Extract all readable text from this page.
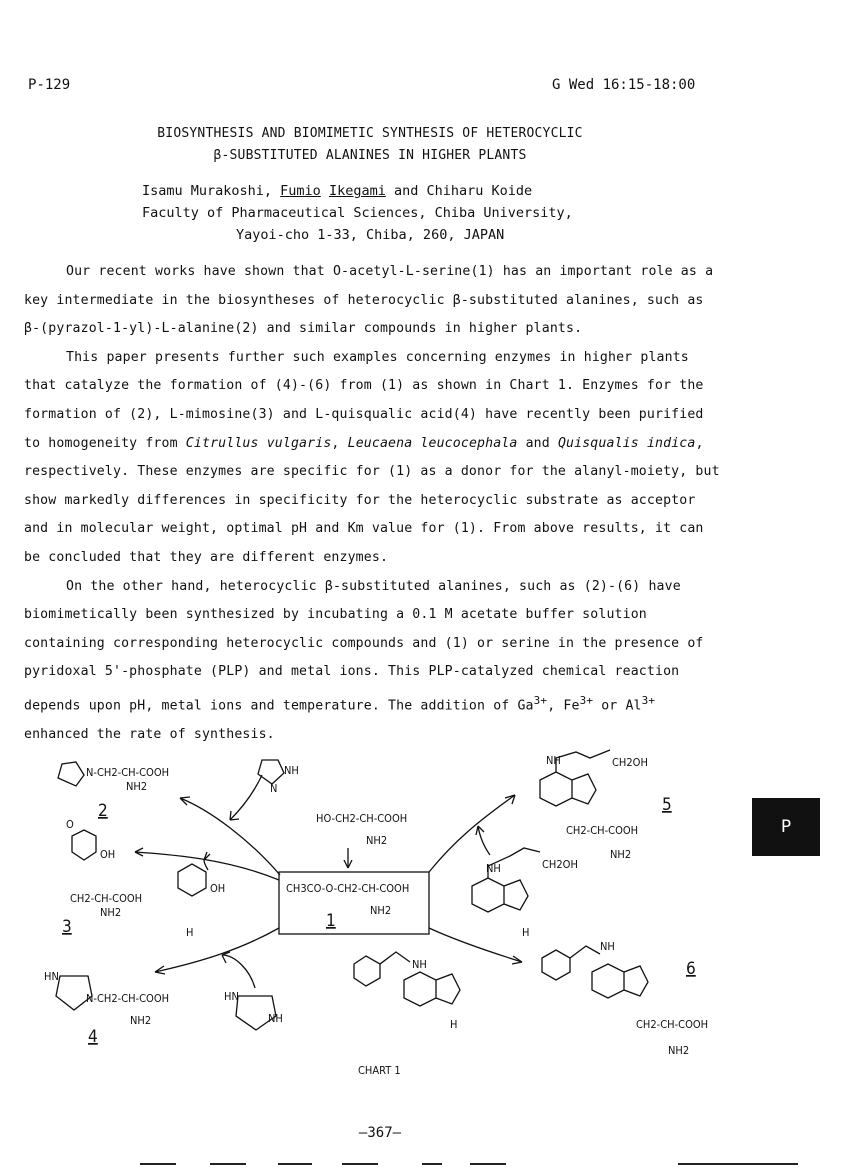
P-129	G Wed 16:15-18:00
BIOSYNTHESIS AND BIOMIMETIC SYNTHESIS OF HETEROCYCLIC
β-SUBSTITUTED ALANINES IN HIGHER PLANTS
Isamu Murakoshi, Fumio Ikegami and Chiharu Koide
Faculty of Pharmaceutical Sciences, Chiba University,
Yayoi-cho 1-33, Chiba, 260, JAPAN

Our recent works have shown that O-acetyl-L-serine(1) has an important role as a key intermediate in the biosyntheses of heterocyclic β-substituted alanines, such as β-(pyrazol-1-yl)-L-alanine(2) and similar compounds in higher plants.

This paper presents further such examples concerning enzymes in higher plants that catalyze the formation of (4)-(6) from (1) as shown in Chart 1. Enzymes for the formation of (2), L-mimosine(3) and L-quisqualic acid(4) have recently been purified to homogeneity from Citrullus vulgaris, Leucaena leucocephala and Quisqualis indica, respectively. These enzymes are specific for (1) as a donor for the alanyl-moiety, but show markedly differences in specificity for the heterocyclic substrate as acceptor and in molecular weight, optimal pH and Km value for (1). From above results, it can be concluded that they are different enzymes.

On the other hand, heterocyclic β-substituted alanines, such as (2)-(6) have biomimetically been synthesized by incubating a 0.1 M acetate buffer solution containing corresponding heterocyclic compounds and (1) or serine in the presence of pyridoxal 5'-phosphate (PLP) and metal ions. This PLP-catalyzed chemical reaction depends upon pH, metal ions and temperature. The addition of $Ga^{3+}$, $Fe^{3+}$ or $Al^{3+}$ enhanced the rate of synthesis.

N-CH2-CH-COOH
NH2
NH
N
O
OH
CH2-CH-COOH
NH2
OH
H
HO-CH2-CH-COOH
NH2
CH3CO-O-CH2-CH-COOH
NH2
HN
N-CH2-CH-COOH
NH2
HN
NH
CH2OH
NH
CH2-CH-COOH
NH2
CH2OH
NH
H
NH
H
NH
CH2-CH-COOH
NH2
CHART 1
2
3	1
4
5
6
P
—367—
